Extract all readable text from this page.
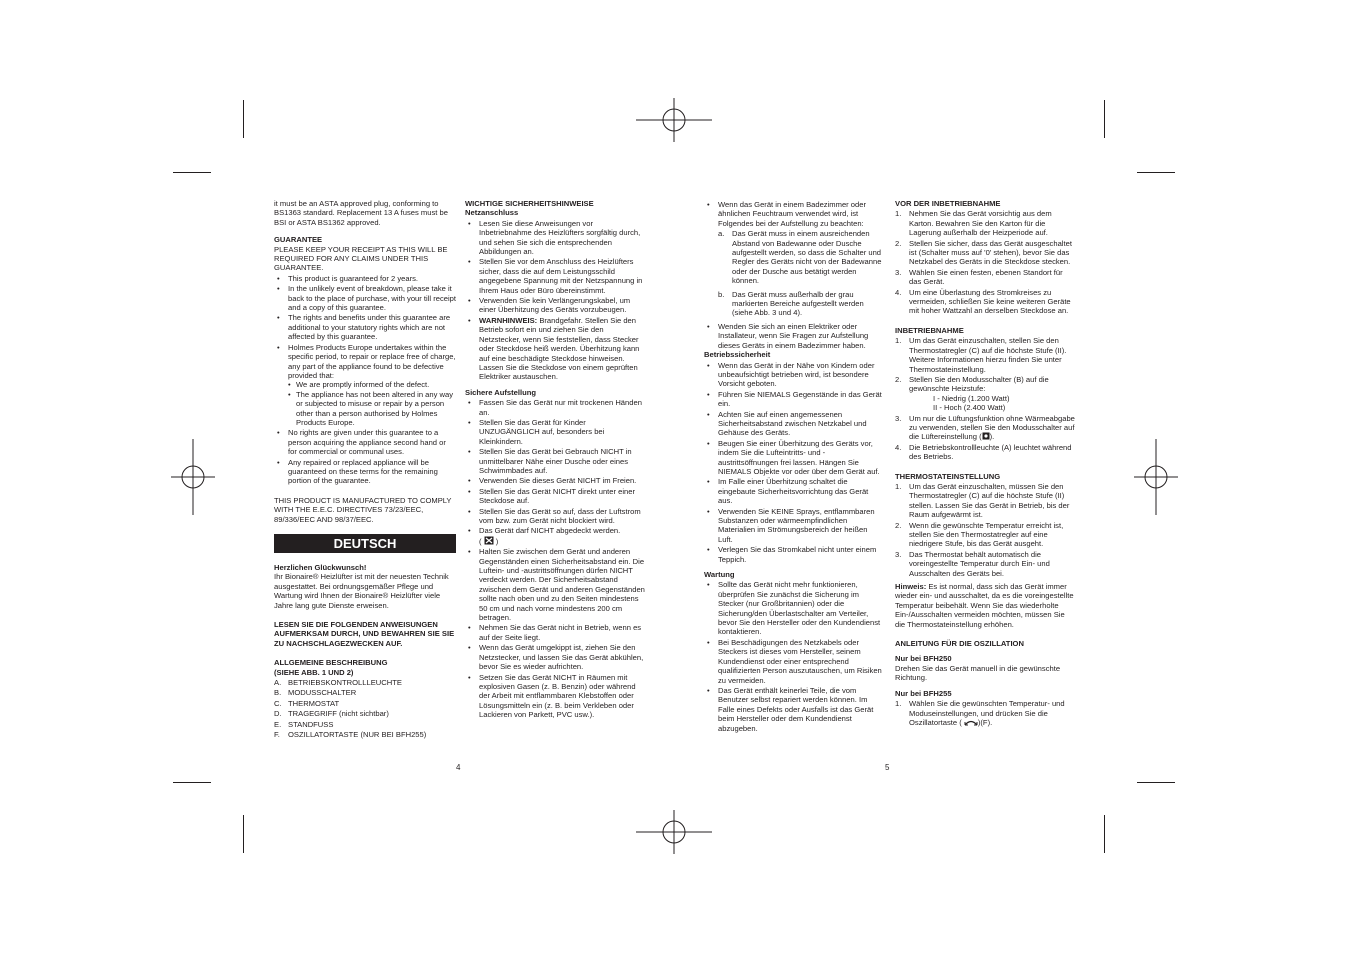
it must be an ASTA approved plug, conforming to BS1363 standard. Replacement 13 A fuses must be BSI or ASTA BS1362 approved.

GUARANTEE

PLEASE KEEP YOUR RECEIPT AS THIS WILL BE REQUIRED FOR ANY CLAIMS UNDER THIS GUARANTEE.

• This product is guaranteed for 2 years.
• In the unlikely event of breakdown, please take it back to the place of purchase, with your till receipt and a copy of this guarantee.
• The rights and benefits under this guarantee are additional to your statutory rights which are not affected by this guarantee.
• Holmes Products Europe undertakes within the specific period, to repair or replace free of charge, any part of the appliance found to be defective provided that:
• We are promptly informed of the defect.
• The appliance has not been altered in any way or subjected to misuse or repair by a person other than a person authorised by Holmes Products Europe.
• No rights are given under this guarantee to a person acquiring the appliance second hand or for commercial or communal uses.
• Any repaired or replaced appliance will be guaranteed on these terms for the remaining portion of the guarantee.

THIS PRODUCT IS MANUFACTURED TO COMPLY WITH THE E.E.C. DIRECTIVES 73/23/EEC, 89/336/EEC AND 98/37/EEC.

DEUTSCH

Herzlichen Glückwunsch!

Ihr Bionaire® Heizlüfter ist mit der neuesten Technik ausgestattet. Bei ordnungsgemäßer Pflege und Wartung wird Ihnen der Bionaire® Heizlüfter viele Jahre lang gute Dienste erweisen.

LESEN SIE DIE FOLGENDEN ANWEISUNGEN AUFMERKSAM DURCH, UND BEWAHREN SIE SIE ZU NACHSCHLAGEZWECKEN AUF.

ALLGEMEINE BESCHREIBUNG

(SIEHE ABB. 1 UND 2)

A. BETRIEBSKONTROLLLEUCHTE
B. MODUSSCHALTER
C. THERMOSTAT
D. TRAGEGRIFF (nicht sichtbar)
E. STANDFUSS
F. OSZILLATORTASTE (NUR BEI BFH255)

WICHTIGE SICHERHEITSHINWEISE

Netzanschluss

• Lesen Sie diese Anweisungen vor Inbetriebnahme des Heizlüfters sorgfältig durch, und sehen Sie sich die entsprechenden Abbildungen an.
• Stellen Sie vor dem Anschluss des Heizlüfters sicher, dass die auf dem Leistungsschild angegebene Spannung mit der Netzspannung in Ihrem Haus oder Büro übereinstimmt.
• Verwenden Sie kein Verlängerungskabel, um einer Überhitzung des Geräts vorzubeugen.
• WARNHINWEIS: Brandgefahr. Stellen Sie den Betrieb sofort ein und ziehen Sie den Netzstecker, wenn Sie feststellen, dass Stecker oder Steckdose heiß werden. Überhitzung kann auf eine beschädigte Steckdose hinweisen. Lassen Sie die Steckdose von einem geprüften Elektriker austauschen.

Sichere Aufstellung

• Fassen Sie das Gerät nur mit trockenen Händen an.
• Stellen Sie das Gerät für Kinder UNZUGÄNGLICH auf, besonders bei Kleinkindern.
• Stellen Sie das Gerät bei Gebrauch NICHT in unmittelbarer Nähe einer Dusche oder eines Schwimmbades auf.
• Verwenden Sie dieses Gerät NICHT im Freien.
• Stellen Sie das Gerät NICHT direkt unter einer Steckdose auf.
• Stellen Sie das Gerät so auf, dass der Luftstrom vom bzw. zum Gerät nicht blockiert wird.
• Das Gerät darf NICHT abgedeckt werden.
( )
• Halten Sie zwischen dem Gerät und anderen Gegenständen einen Sicherheitsabstand ein. Die Luftein- und -austrittsöffnungen dürfen NICHT verdeckt werden. Der Sicherheitsabstand zwischen dem Gerät und anderen Gegenständen sollte nach oben und zu den Seiten mindestens 50 cm und nach vorne mindestens 200 cm betragen.
• Nehmen Sie das Gerät nicht in Betrieb, wenn es auf der Seite liegt.
• Wenn das Gerät umgekippt ist, ziehen Sie den Netzstecker, und lassen Sie das Gerät abkühlen, bevor Sie es wieder aufrichten.
• Setzen Sie das Gerät NICHT in Räumen mit explosiven Gasen (z. B. Benzin) oder während der Arbeit mit entflammbaren Klebstoffen oder Lösungsmitteln ein (z. B. beim Verkleben oder Lackieren von Parkett, PVC usw.).
4
• Wenn das Gerät in einem Badezimmer oder ähnlichen Feuchtraum verwendet wird, ist Folgendes bei der Aufstellung zu beachten:
a. Das Gerät muss in einem ausreichenden Abstand von Badewanne oder Dusche aufgestellt werden, so dass die Schalter und Regler des Geräts nicht von der Badewanne oder der Dusche aus betätigt werden können.
b. Das Gerät muss außerhalb der grau markierten Bereiche aufgestellt werden (siehe Abb. 3 und 4).
• Wenden Sie sich an einen Elektriker oder Installateur, wenn Sie Fragen zur Aufstellung dieses Geräts in einem Badezimmer haben.

Betriebssicherheit

• Wenn das Gerät in der Nähe von Kindern oder unbeaufsichtigt betrieben wird, ist besondere Vorsicht geboten.
• Führen Sie NIEMALS Gegenstände in das Gerät ein.
• Achten Sie auf einen angemessenen Sicherheitsabstand zwischen Netzkabel und Gehäuse des Geräts.
• Beugen Sie einer Überhitzung des Geräts vor, indem Sie die Lufteintritts- und -austrittsöffnungen frei lassen. Hängen Sie NIEMALS Objekte vor oder über dem Gerät auf.
• Im Falle einer Überhitzung schaltet die eingebaute Sicherheitsvorrichtung das Gerät aus.
• Verwenden Sie KEINE Sprays, entflammbaren Substanzen oder wärmeempfindlichen Materialien im Strömungsbereich der heißen Luft.
• Verlegen Sie das Stromkabel nicht unter einem Teppich.

Wartung

• Sollte das Gerät nicht mehr funktionieren, überprüfen Sie zunächst die Sicherung im Stecker (nur Großbritannien) oder die Sicherung/den Überlastschalter am Verteiler, bevor Sie den Hersteller oder den Kundendienst kontaktieren.
• Bei Beschädigungen des Netzkabels oder Steckers ist dieses vom Hersteller, seinem Kundendienst oder einer entsprechend qualifizierten Person auszutauschen, um Risiken zu vermeiden.
• Das Gerät enthält keinerlei Teile, die vom Benutzer selbst repariert werden können. Im Falle eines Defekts oder Ausfalls ist das Gerät beim Hersteller oder dem Kundendienst abzugeben.

VOR DER INBETRIEBNAHME

1. Nehmen Sie das Gerät vorsichtig aus dem Karton. Bewahren Sie den Karton für die Lagerung außerhalb der Heizperiode auf.
2. Stellen Sie sicher, dass das Gerät ausgeschaltet ist (Schalter muss auf '0' stehen), bevor Sie das Netzkabel des Geräts in die Steckdose stecken.
3. Wählen Sie einen festen, ebenen Standort für das Gerät.
4. Um eine Überlastung des Stromkreises zu vermeiden, schließen Sie keine weiteren Geräte mit hoher Wattzahl an derselben Steckdose an.

INBETRIEBNAHME

1. Um das Gerät einzuschalten, stellen Sie den Thermostatregler (C) auf die höchste Stufe (II). Weitere Informationen hierzu finden Sie unter Thermostateinstellung.
2. Stellen Sie den Modusschalter (B) auf die gewünschte Heizstufe:
I - Niedrig (1.200 Watt)
II - Hoch (2.400 Watt)
3. Um nur die Lüftungsfunktion ohne Wärmeabgabe zu verwenden, stellen Sie den Modusschalter auf die Lüftereinstellung ( ).
4. Die Betriebskontrollleuchte (A) leuchtet während des Betriebs.

THERMOSTATEINSTELLUNG

1. Um das Gerät einzuschalten, müssen Sie den Thermostatregler (C) auf die höchste Stufe (II) stellen. Lassen Sie das Gerät in Betrieb, bis der Raum aufgewärmt ist.
2. Wenn die gewünschte Temperatur erreicht ist, stellen Sie den Thermostatregler auf eine niedrigere Stufe, bis das Gerät ausgeht.
3. Das Thermostat behält automatisch die voreingestellte Temperatur durch Ein- und Ausschalten des Geräts bei.

Hinweis: Es ist normal, dass sich das Gerät immer wieder ein- und ausschaltet, da es die voreingestellte Temperatur beibehält. Wenn Sie das wiederholte Ein-/Ausschalten vermeiden möchten, müssen Sie die Thermostateinstellung erhöhen.

ANLEITUNG FÜR DIE OSZILLATION

Nur bei BFH250

Drehen Sie das Gerät manuell in die gewünschte Richtung.

Nur bei BFH255

1. Wählen Sie die gewünschten Temperatur- und Moduseinstellungen, und drücken Sie die Oszillatortaste ( )(F).
5
